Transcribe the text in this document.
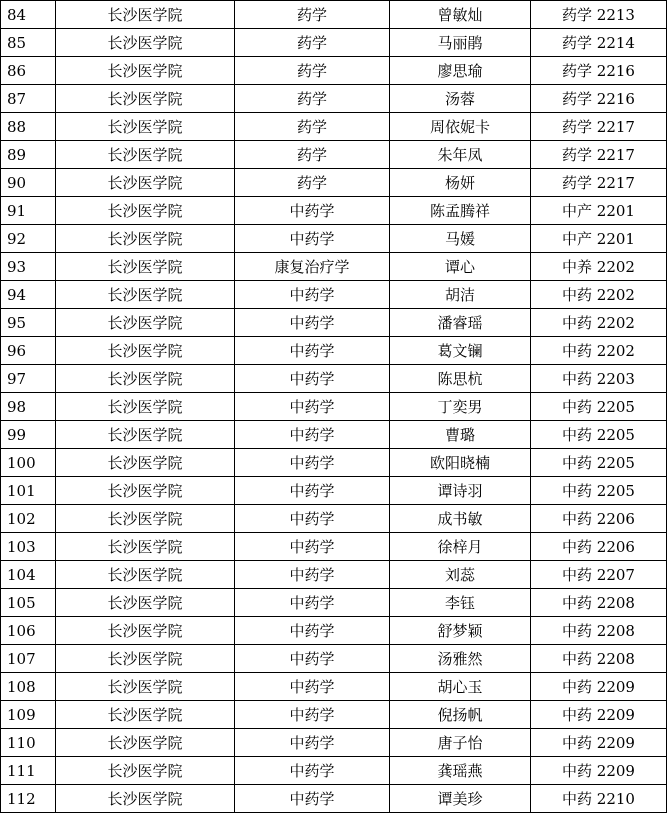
84	长沙医学院	药学	曾敏灿	药学 2213
85	长沙医学院	药学	马丽鹃	药学 2214
86	长沙医学院	药学	廖思瑜	药学 2216
87	长沙医学院	药学	汤蓉	药学 2216
88	长沙医学院	药学	周依妮卡	药学 2217
89	长沙医学院	药学	朱年凤	药学 2217
90	长沙医学院	药学	杨妍	药学 2217
91	长沙医学院	中药学	陈孟腾祥	中产 2201
92	长沙医学院	中药学	马媛	中产 2201
93	长沙医学院	康复治疗学	谭心	中养 2202
94	长沙医学院	中药学	胡洁	中药 2202
95	长沙医学院	中药学	潘睿瑶	中药 2202
96	长沙医学院	中药学	葛文镧	中药 2202
97	长沙医学院	中药学	陈思杭	中药 2203
98	长沙医学院	中药学	丁奕男	中药 2205
99	长沙医学院	中药学	曹璐	中药 2205
100	长沙医学院	中药学	欧阳晓楠	中药 2205
101	长沙医学院	中药学	谭诗羽	中药 2205
102	长沙医学院	中药学	成书敏	中药 2206
103	长沙医学院	中药学	徐梓月	中药 2206
104	长沙医学院	中药学	刘蕊	中药 2207
105	长沙医学院	中药学	李钰	中药 2208
106	长沙医学院	中药学	舒梦颖	中药 2208
107	长沙医学院	中药学	汤雅然	中药 2208
108	长沙医学院	中药学	胡心玉	中药 2209
109	长沙医学院	中药学	倪扬帆	中药 2209
110	长沙医学院	中药学	唐子怡	中药 2209
111	长沙医学院	中药学	龚瑶燕	中药 2209
112	长沙医学院	中药学	谭美珍	中药 2210
